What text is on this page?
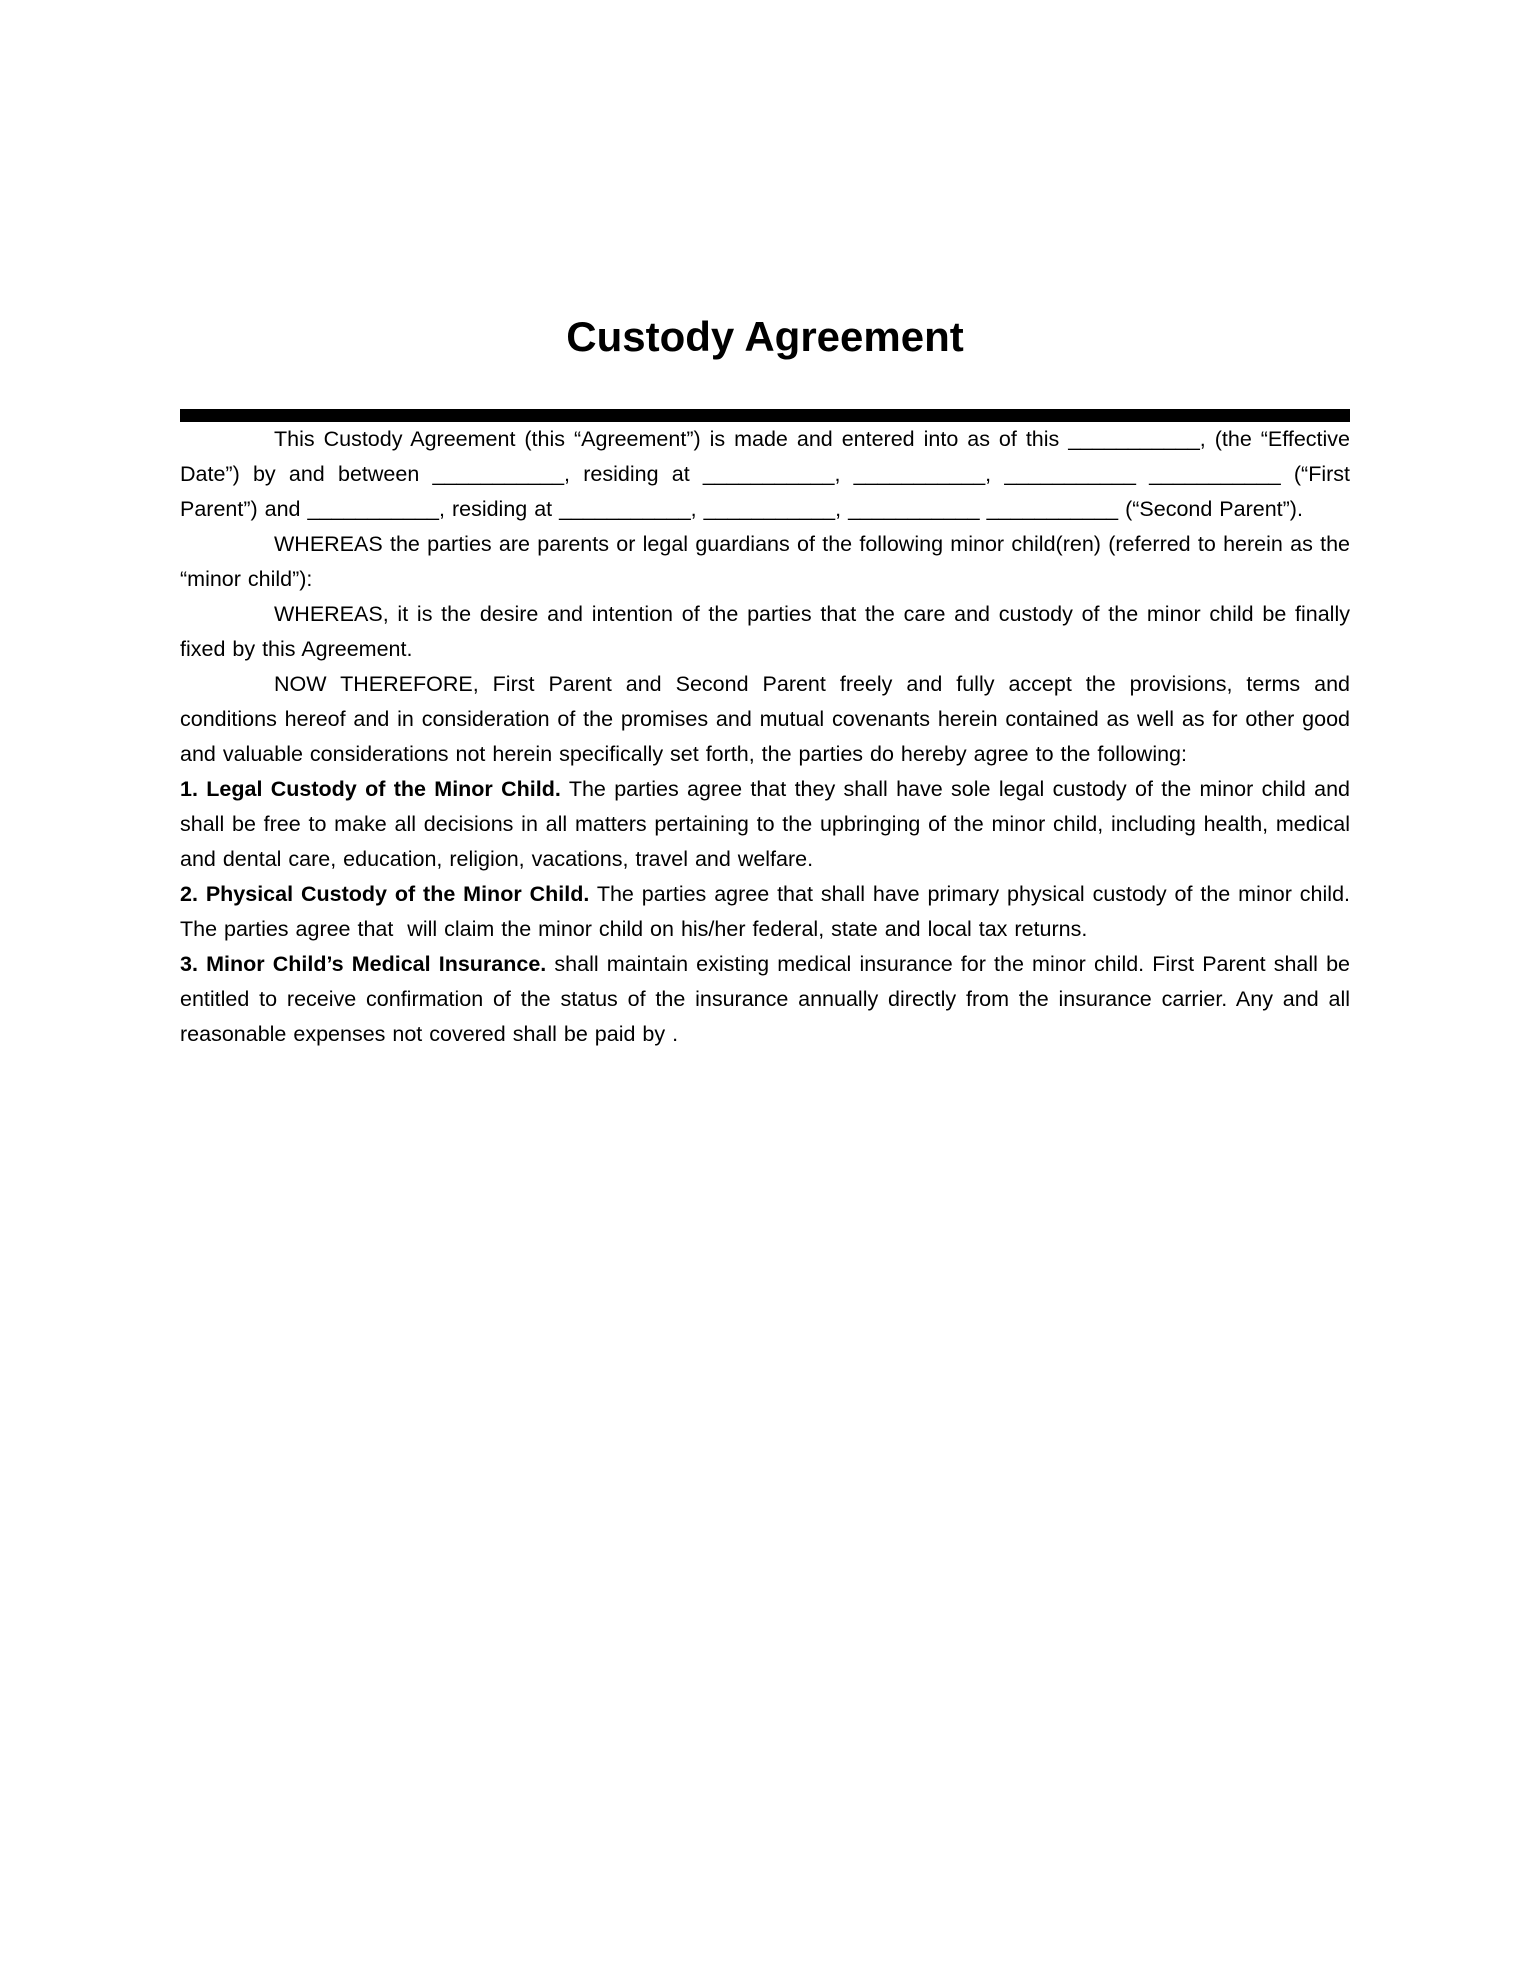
Custody Agreement

This Custody Agreement (this “Agreement”) is made and entered into as of this ___________, (the “Effective Date”) by and between ___________, residing at ___________, ___________, ___________ ___________ (“First Parent”) and ___________, residing at ___________, ___________, ___________ ___________ (“Second Parent”).

WHEREAS the parties are parents or legal guardians of the following minor child(ren) (referred to herein as the “minor child”):

WHEREAS, it is the desire and intention of the parties that the care and custody of the minor child be finally fixed by this Agreement.

NOW THEREFORE, First Parent and Second Parent freely and fully accept the provisions, terms and conditions hereof and in consideration of the promises and mutual covenants herein contained as well as for other good and valuable considerations not herein specifically set forth, the parties do hereby agree to the following:

1. Legal Custody of the Minor Child. The parties agree that they shall have sole legal custody of the minor child and shall be free to make all decisions in all matters pertaining to the upbringing of the minor child, including health, medical and dental care, education, religion, vacations, travel and welfare.

2. Physical Custody of the Minor Child. The parties agree that shall have primary physical custody of the minor child. The parties agree that  will claim the minor child on his/her federal, state and local tax returns.

3. Minor Child’s Medical Insurance. shall maintain existing medical insurance for the minor child. First Parent shall be entitled to receive confirmation of the status of the insurance annually directly from the insurance carrier. Any and all reasonable expenses not covered shall be paid by .
